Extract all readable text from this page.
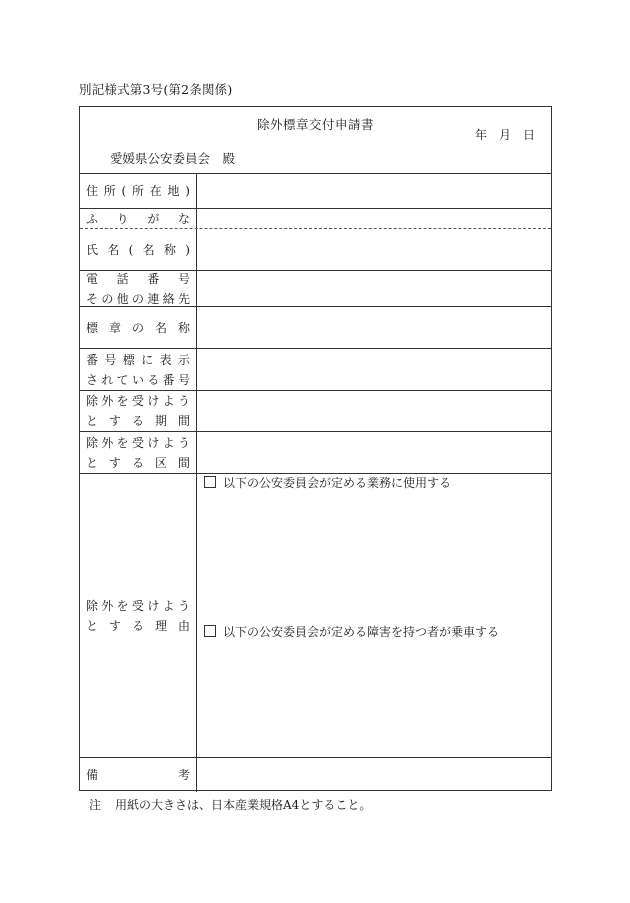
別記様式第3号(第2条関係)
除外標章交付申請書
年　月　日
愛媛県公安委員会　殿
住所(所在地)
ふりがな
氏名(名称)
電話番号
その他の連絡先
標章の名称
番号標に表示
されている番号
除外を受けよう
とする期間
除外を受けよう
とする区間
除外を受けよう
とする理由
以下の公安委員会が定める業務に使用する
以下の公安委員会が定める障害を持つ者が乗車する
備考
注 用紙の大きさは、日本産業規格A4とすること。
